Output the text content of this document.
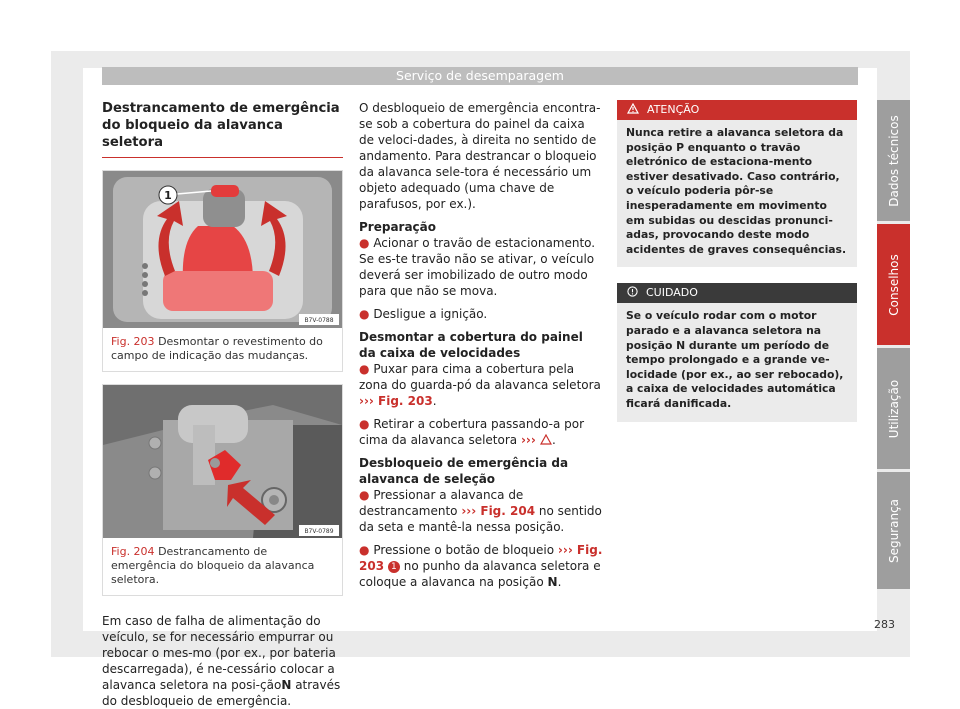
Serviço de desemparagem
Destrancamento de emergência do bloqueio da alavanca seletora
1
B7V-0788
Fig. 203 Desmontar o revestimento do campo de indicação das mudanças.
B7V-0789
Fig. 204 Destrancamento de emergência do bloqueio da alavanca seletora.
Em caso de falha de alimentação do veículo, se for necessário empurrar ou rebocar o mes-mo (por ex., por bateria descarregada), é ne-cessário colocar a alavanca seletora na posi-çãoN através do desbloqueio de emergência.

O desbloqueio de emergência encontra-se sob a cobertura do painel da caixa de veloci-dades, à direita no sentido de andamento. Para destrancar o bloqueio da alavanca sele-tora é necessário um objeto adequado (uma chave de parafusos, por ex.).

Preparação

● Acionar o travão de estacionamento. Se es-te travão não se ativar, o veículo deverá ser imobilizado de outro modo para que não se mova.

● Desligue a ignição.

Desmontar a cobertura do painel da caixa de velocidades

● Puxar para cima a cobertura pela zona do guarda-pó da alavanca seletora ››› Fig. 203.

● Retirar a cobertura passando-a por cima da alavanca seletora ››› .

Desbloqueio de emergência da alavanca de seleção

● Pressionar a alavanca de destrancamento ››› Fig. 204 no sentido da seta e mantê-la nessa posição.

● Pressione o botão de bloqueio ››› Fig. 203 1 no punho da alavanca seletora e coloque a alavanca na posição N.

ATENÇÃO
Nunca retire a alavanca seletora da posição P enquanto o travão eletrónico de estaciona-mento estiver desativado. Caso contrário, o veículo poderia pôr-se inesperadamente em movimento em subidas ou descidas pronunci-adas, provocando deste modo acidentes de graves consequências.
CUIDADO
Se o veículo rodar com o motor parado e a alavanca seletora na posição N durante um período de tempo prolongado e a grande ve-locidade (por ex., ao ser rebocado), a caixa de velocidades automática ficará danificada.
Dados técnicos
Conselhos
Utilização
Segurança
283
